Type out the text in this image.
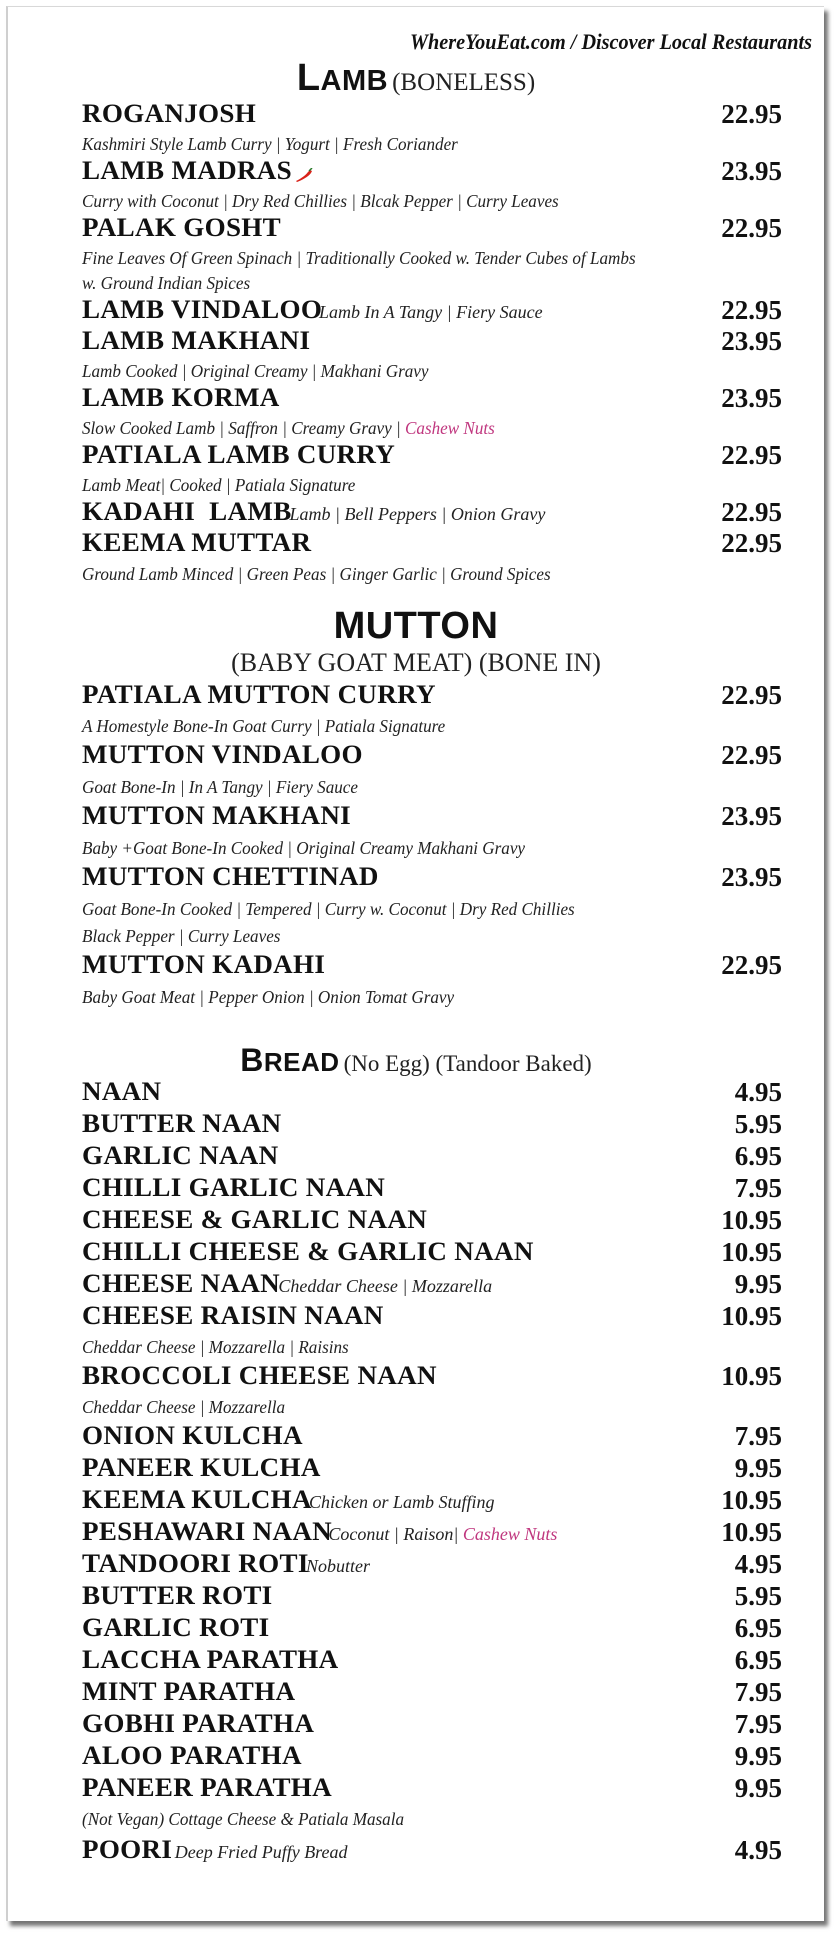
WhereYouEat.com / Discover Local Restaurants
LAMB (BONELESS)
ROGANJOSH	22.95
Kashmiri Style Lamb Curry | Yogurt | Fresh Coriander
LAMB MADRAS	23.95
Curry with Coconut | Dry Red Chillies | Blcak Pepper | Curry Leaves
PALAK GOSHT	22.95
Fine Leaves Of Green Spinach | Traditionally Cooked w. Tender Cubes of Lambs
w. Ground Indian Spices
LAMB VINDALOOLamb In A Tangy | Fiery Sauce	22.95
LAMB MAKHANI	23.95
Lamb Cooked | Original Creamy | Makhani Gravy
LAMB KORMA	23.95
Slow Cooked Lamb | Saffron | Creamy Gravy | Cashew Nuts
PATIALA LAMB CURRY	22.95
Lamb Meat| Cooked | Patiala Signature
KADAHI  LAMBLamb | Bell Peppers | Onion Gravy	22.95
KEEMA MUTTAR	22.95
Ground Lamb Minced | Green Peas | Ginger Garlic | Ground Spices
MUTTON
(BABY GOAT MEAT) (BONE IN)
PATIALA MUTTON CURRY	22.95
A Homestyle Bone-In Goat Curry | Patiala Signature
MUTTON VINDALOO	22.95
Goat Bone-In | In A Tangy | Fiery Sauce
MUTTON MAKHANI	23.95
Baby +Goat Bone-In Cooked | Original Creamy Makhani Gravy
MUTTON CHETTINAD	23.95
Goat Bone-In Cooked | Tempered | Curry w. Coconut | Dry Red Chillies
Black Pepper | Curry Leaves
MUTTON KADAHI	22.95
Baby Goat Meat | Pepper Onion | Onion Tomat Gravy
BREAD (No Egg) (Tandoor Baked)
NAAN	4.95
BUTTER NAAN	5.95
GARLIC NAAN	6.95
CHILLI GARLIC NAAN	7.95
CHEESE & GARLIC NAAN	10.95
CHILLI CHEESE & GARLIC NAAN	10.95
CHEESE NAANCheddar Cheese | Mozzarella	9.95
CHEESE RAISIN NAAN	10.95
Cheddar Cheese | Mozzarella | Raisins
BROCCOLI CHEESE NAAN	10.95
Cheddar Cheese | Mozzarella
ONION KULCHA	7.95
PANEER KULCHA	9.95
KEEMA KULCHAChicken or Lamb Stuffing	10.95
PESHAWARI NAANCoconut | Raison| Cashew Nuts	10.95
TANDOORI ROTINobutter	4.95
BUTTER ROTI	5.95
GARLIC ROTI	6.95
LACCHA PARATHA	6.95
MINT PARATHA	7.95
GOBHI PARATHA	7.95
ALOO PARATHA	9.95
PANEER PARATHA	9.95
(Not Vegan) Cottage Cheese & Patiala Masala
POORI Deep Fried Puffy Bread	4.95
